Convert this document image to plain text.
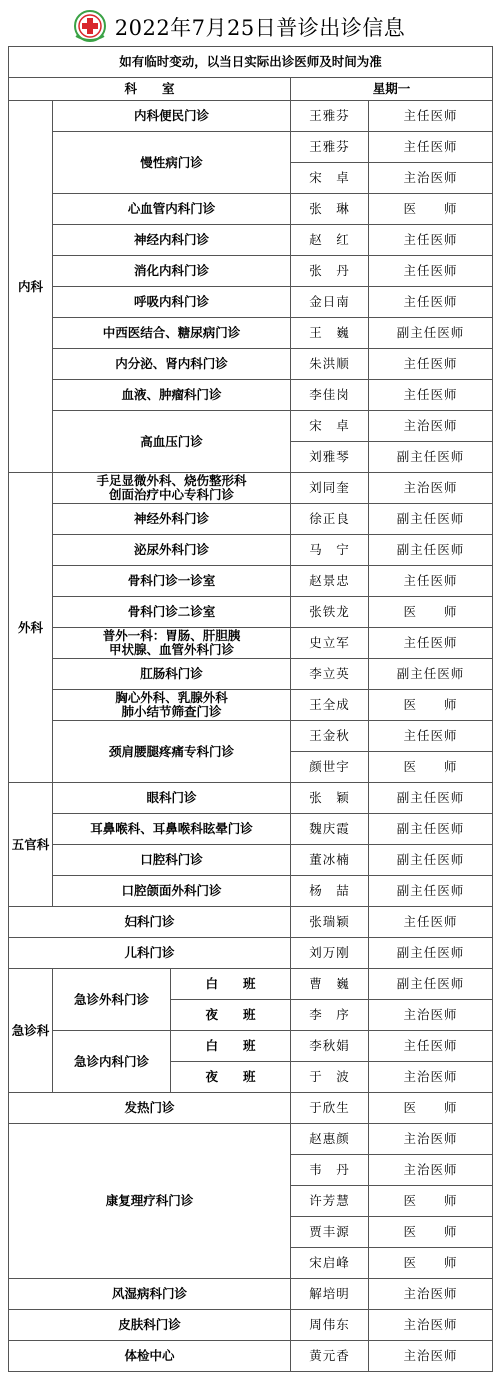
2022年7月25日普诊出诊信息
如有临时变动，以当日实际出诊医师及时间为准				
科　　室			星期一	
内科	内科便民门诊		王雅芬	主任医师
	慢性病门诊		王雅芬	主任医师
			宋　卓	主治医师
	心血管内科门诊		张　琳	医　　师
	神经内科门诊		赵　红	主任医师
	消化内科门诊		张　丹	主任医师
	呼吸内科门诊		金日南	主任医师
	中西医结合、糖尿病门诊		王　巍	副主任医师
	内分泌、肾内科门诊		朱洪顺	主任医师
	血液、肿瘤科门诊		李佳岗	主任医师
	高血压门诊		宋　卓	主治医师
			刘雅琴	副主任医师
外科	手足显微外科、烧伤整形科
创面治疗中心专科门诊		刘同奎	主治医师
	神经外科门诊		徐正良	副主任医师
	泌尿外科门诊		马　宁	副主任医师
	骨科门诊一诊室		赵景忠	主任医师
	骨科门诊二诊室		张铁龙	医　　师

	普外一科：胃肠、肝胆胰
甲状腺、血管外科门诊		史立军	主任医师
	肛肠科门诊		李立英	副主任医师

	胸心外科、乳腺外科
肺小结节筛查门诊		王全成	医　　师
	颈肩腰腿疼痛专科门诊		王金秋	主任医师
			颜世宇	医　　师
五官科	眼科门诊		张　颖	副主任医师
	耳鼻喉科、耳鼻喉科眩晕门诊		魏庆霞	副主任医师
	口腔科门诊		董冰楠	副主任医师
	口腔颌面外科门诊		杨　喆	副主任医师
妇科门诊			张瑞颖	主任医师
儿科门诊			刘万刚	副主任医师
急诊科	急诊外科门诊	白　　班	曹　巍	副主任医师
		夜　　班	李　序	主治医师
	急诊内科门诊	白　　班	李秋娟	主任医师
		夜　　班	于　波	主治医师
发热门诊			于欣生	医　　师
康复理疗科门诊			赵惠颜	主治医师
			韦　丹	主治医师
			许芳慧	医　　师
			贾丰源	医　　师
			宋启峰	医　　师
风湿病科门诊			解培明	主治医师
皮肤科门诊			周伟东	主治医师
体检中心			黄元香	主治医师
